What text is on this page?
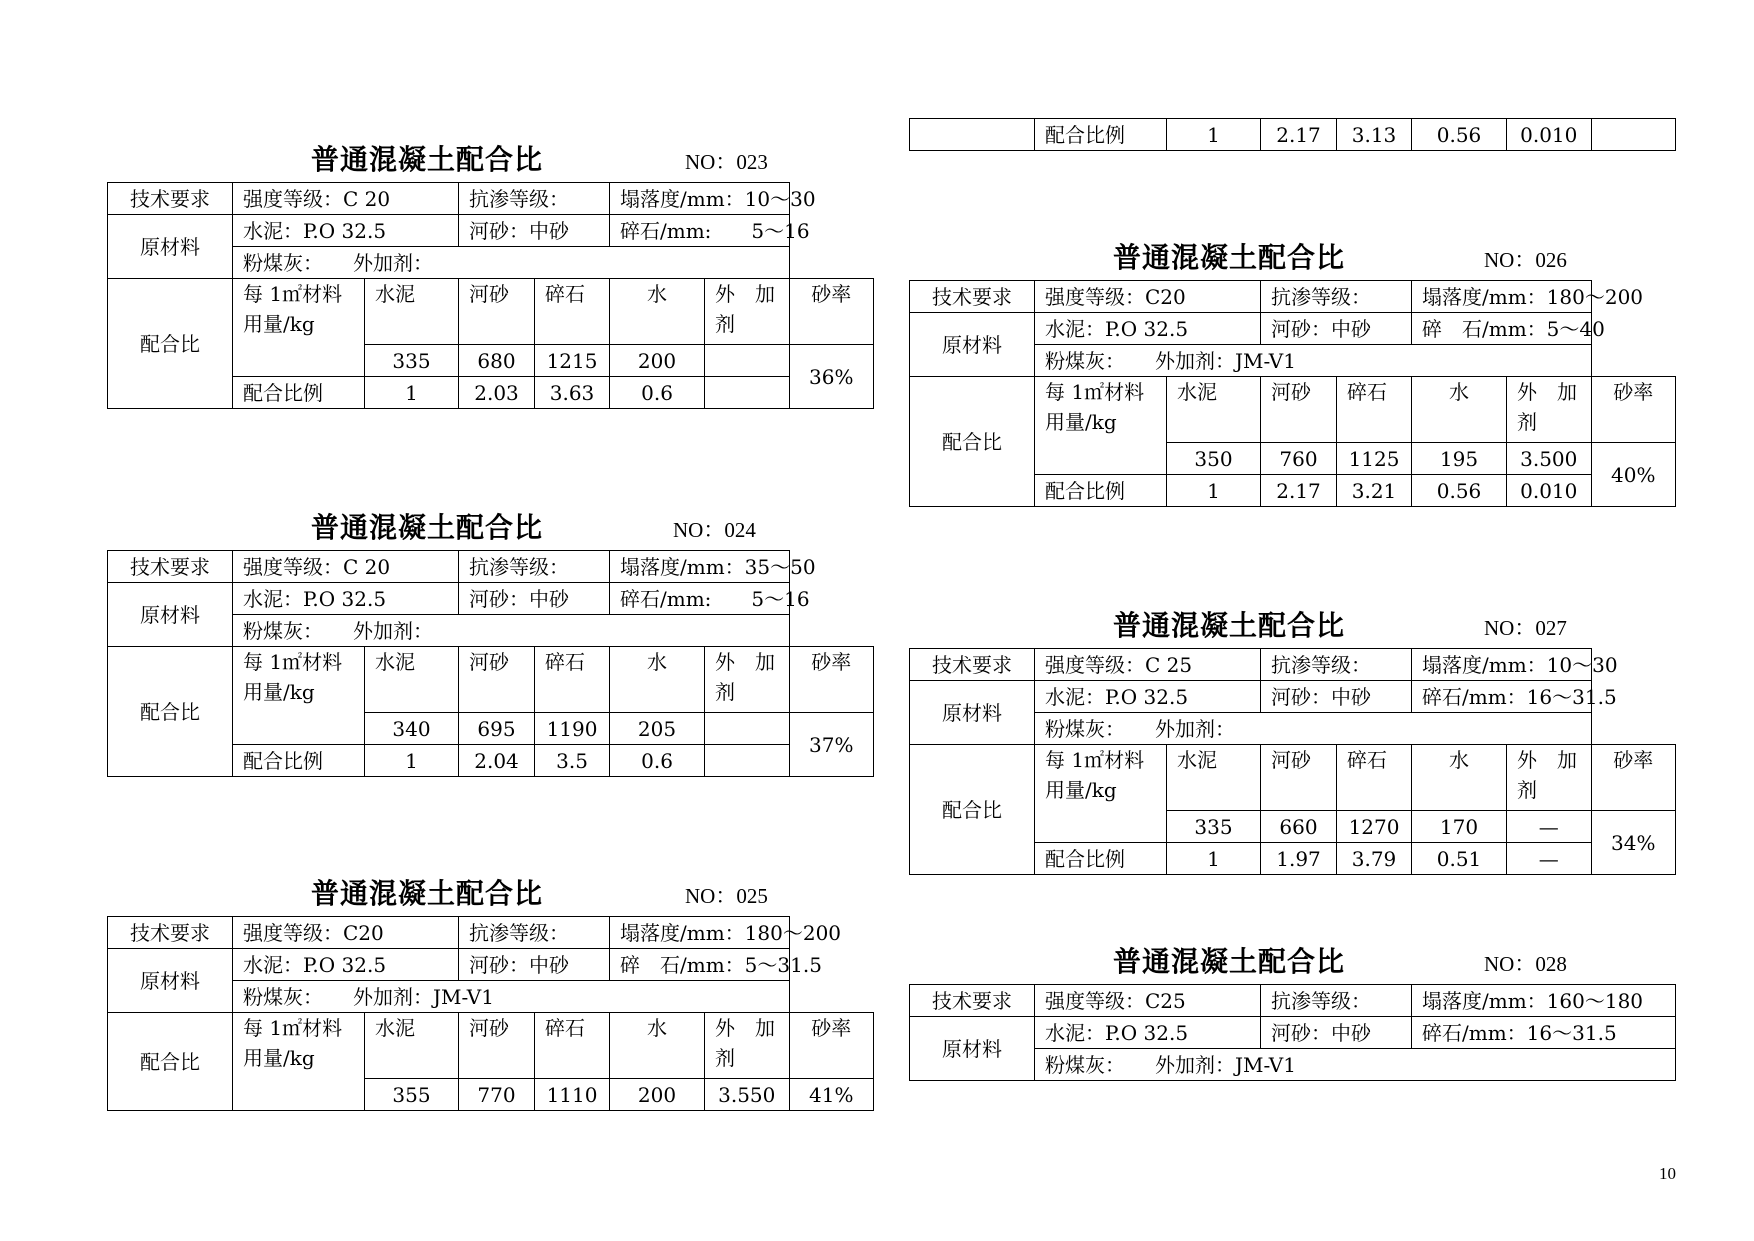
	配合比例	1	2.17	3.13	0.56	0.010	
普通混凝土配合比	NO：023
技术要求	强度等级：C 20		抗渗等级：		塌落度/mm：10～30		
原材料	水泥：P.O 32.5		河砂：中砂		碎石/mm:　　5～16		
	粉煤灰：　　外加剂：						
配合比	每 1㎡材料用量/kg	水泥	河砂	碎石	水	外　加剂	砂率
		335	680	1215	200		36%
	配合比例	1	2.03	3.63	0.6		
普通混凝土配合比	NO：024
技术要求	强度等级：C 20		抗渗等级：		塌落度/mm：35～50		
原材料	水泥：P.O 32.5		河砂：中砂		碎石/mm:　　5～16		
	粉煤灰：　　外加剂：						
配合比	每 1㎡材料用量/kg	水泥	河砂	碎石	水	外　加剂	砂率
		340	695	1190	205		37%
	配合比例	1	2.04	3.5	0.6		
普通混凝土配合比	NO：025
技术要求	强度等级：C20		抗渗等级：		塌落度/mm：180～200		
原材料	水泥：P.O 32.5		河砂：中砂		碎　石/mm：5～31.5		
	粉煤灰：　　外加剂：JM-V1						
配合比	每 1㎡材料用量/kg	水泥	河砂	碎石	水	外　加剂	砂率
		355	770	1110	200	3.550	41%
普通混凝土配合比	NO：026
技术要求	强度等级：C20		抗渗等级：		塌落度/mm：180～200		
原材料	水泥：P.O 32.5		河砂：中砂		碎　石/mm：5～40		
	粉煤灰：　　外加剂：JM-V1						
配合比	每 1㎡材料用量/kg	水泥	河砂	碎石	水	外　加剂	砂率
		350	760	1125	195	3.500	40%
	配合比例	1	2.17	3.21	0.56	0.010	
普通混凝土配合比	NO：027
技术要求	强度等级：C 25		抗渗等级：		塌落度/mm：10～30		
原材料	水泥：P.O 32.5		河砂：中砂		碎石/mm：16～31.5		
	粉煤灰：　　外加剂：						
配合比	每 1㎡材料用量/kg	水泥	河砂	碎石	水	外　加剂	砂率
		335	660	1270	170	—	34%
	配合比例	1	1.97	3.79	0.51	—	
普通混凝土配合比	NO：028
技术要求	强度等级：C25	抗渗等级：	塌落度/mm：160～180
原材料	水泥：P.O 32.5	河砂：中砂	碎石/mm：16～31.5
	粉煤灰：　　外加剂：JM-V1		
10
